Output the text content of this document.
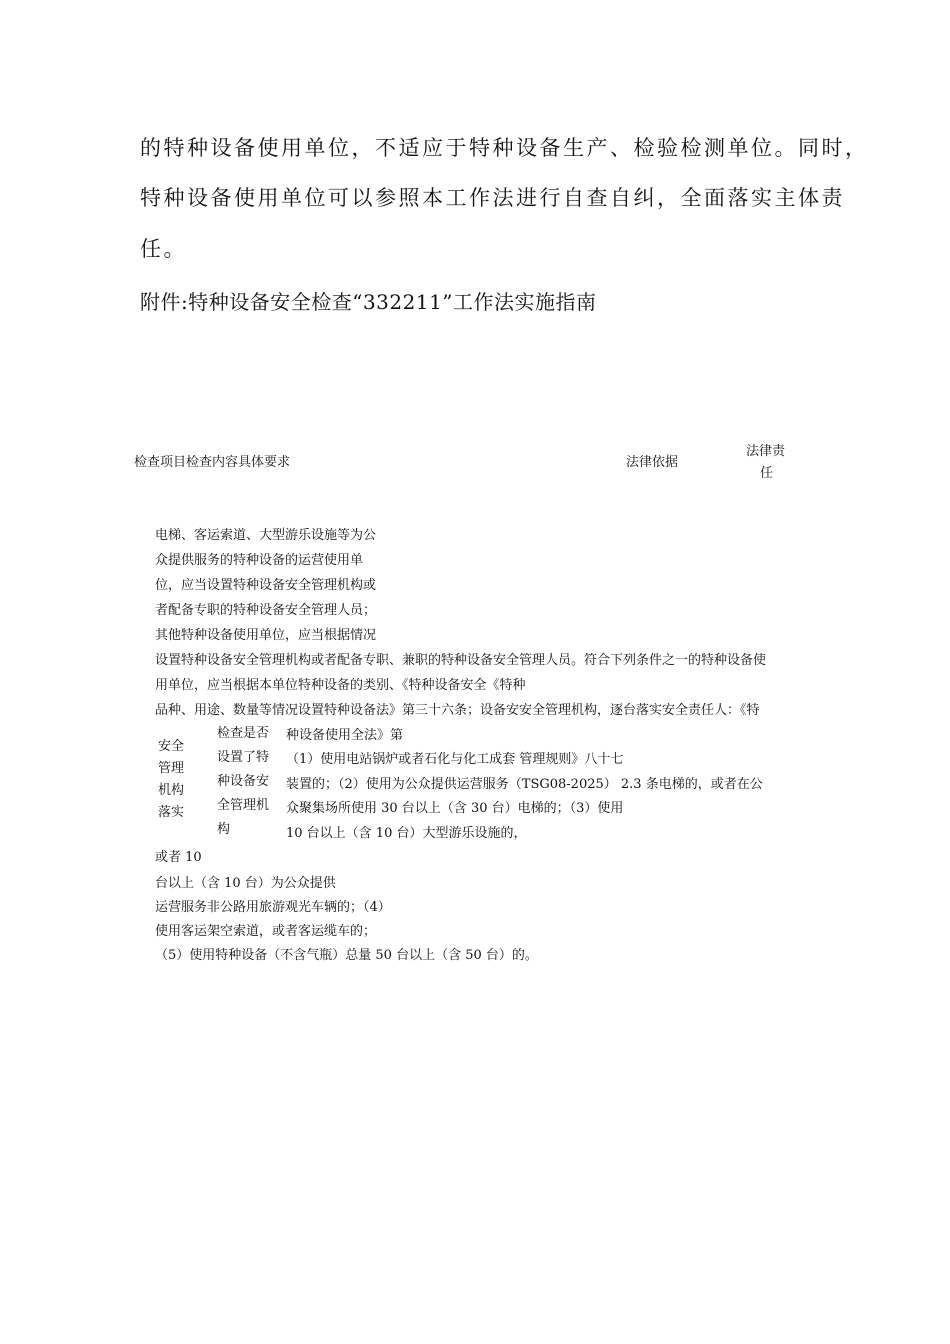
的特种设备使用单位，不适应于特种设备生产、检验检测单位。同时，
特种设备使用单位可以参照本工作法进行自查自纠，全面落实主体责
任。
附件:特种设备安全检查“332211”工作法实施指南
检查项目检查内容具体要求	法律依据
法律责
任
电梯、客运索道、大型游乐设施等为公
众提供服务的特种设备的运营使用单
位，应当设置特种设备安全管理机构或
者配备专职的特种设备安全管理人员；
其他特种设备使用单位，应当根据情况
设置特种设备安全管理机构或者配备专职、兼职的特种设备安全管理人员。符合下列条件之一的特种设备使
用单位，应当根据本单位特种设备的类别、《特种设备安全《特种
品种、用途、数量等情况设置特种设备法》第三十六条；设备安安全管理机构，逐台落实安全责任人：《特
安全
管理
机构
落实
检查是否
设置了特
种设备安
全管理机
构
种设备使用全法》第
（1）使用电站锅炉或者石化与化工成套 管理规则》八十七
装置的；（2）使用为公众提供运营服务（TSG08-2025） 2.3 条电梯的，或者在公
众聚集场所使用 30 台以上（含 30 台）电梯的；（3）使用
10 台以上（含 10 台）大型游乐设施的，
或者 10
台以上（含 10 台）为公众提供
运营服务非公路用旅游观光车辆的；（4）
使用客运架空索道，或者客运缆车的；
（5）使用特种设备（不含气瓶）总量 50 台以上（含 50 台）的。
